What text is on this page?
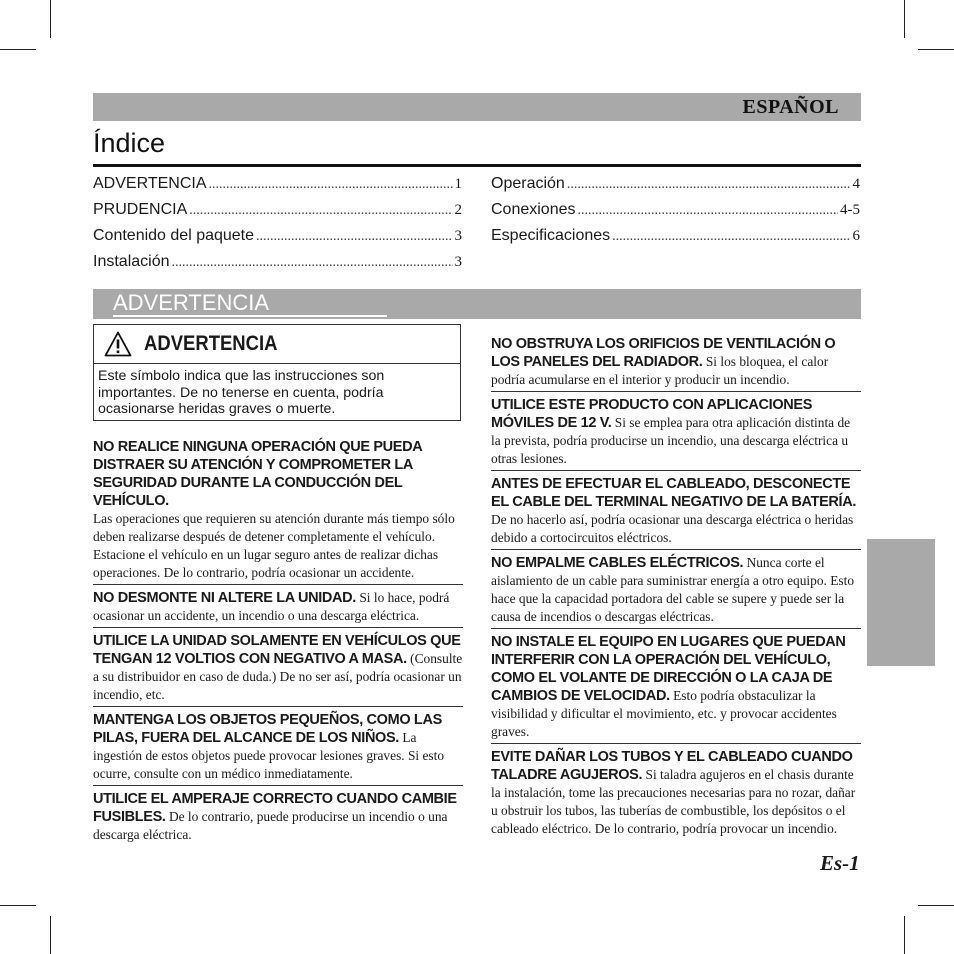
ESPAÑOL
Índice
ADVERTENCIA .....	1
PRUDENCIA .....	2
Contenido del paquete .....	3
Instalación .....	3
Operación .....	4
Conexiones .....	4-5
Especificaciones .....	6
ADVERTENCIA
ADVERTENCIA
Este símbolo indica que las instrucciones son importantes. De no tenerse en cuenta, podría ocasionarse heridas graves o muerte.

NO REALICE NINGUNA OPERACIÓN QUE PUEDA DISTRAER SU ATENCIÓN Y COMPROMETER LA SEGURIDAD DURANTE LA CONDUCCIÓN DEL VEHÍCULO.
Las operaciones que requieren su atención durante más tiempo sólo deben realizarse después de detener completamente el vehículo. Estacione el vehículo en un lugar seguro antes de realizar dichas operaciones. De lo contrario, podría ocasionar un accidente.

NO DESMONTE NI ALTERE LA UNIDAD. Si lo hace, podrá ocasionar un accidente, un incendio o una descarga eléctrica.

UTILICE LA UNIDAD SOLAMENTE EN VEHÍCULOS QUE TENGAN 12 VOLTIOS CON NEGATIVO A MASA. (Consulte a su distribuidor en caso de duda.) De no ser así, podría ocasionar un incendio, etc.

MANTENGA LOS OBJETOS PEQUEÑOS, COMO LAS PILAS, FUERA DEL ALCANCE DE LOS NIÑOS. La ingestión de estos objetos puede provocar lesiones graves. Si esto ocurre, consulte con un médico inmediatamente.

UTILICE EL AMPERAJE CORRECTO CUANDO CAMBIE FUSIBLES. De lo contrario, puede producirse un incendio o una descarga eléctrica.

NO OBSTRUYA LOS ORIFICIOS DE VENTILACIÓN O LOS PANELES DEL RADIADOR. Si los bloquea, el calor podría acumularse en el interior y producir un incendio.

UTILICE ESTE PRODUCTO CON APLICACIONES MÓVILES DE 12 V. Si se emplea para otra aplicación distinta de la prevista, podría producirse un incendio, una descarga eléctrica u otras lesiones.

ANTES DE EFECTUAR EL CABLEADO, DESCONECTE EL CABLE DEL TERMINAL NEGATIVO DE LA BATERÍA. De no hacerlo así, podría ocasionar una descarga eléctrica o heridas debido a cortocircuitos eléctricos.

NO EMPALME CABLES ELÉCTRICOS. Nunca corte el aislamiento de un cable para suministrar energía a otro equipo. Esto hace que la capacidad portadora del cable se supere y puede ser la causa de incendios o descargas eléctricas.

NO INSTALE EL EQUIPO EN LUGARES QUE PUEDAN INTERFERIR CON LA OPERACIÓN DEL VEHÍCULO, COMO EL VOLANTE DE DIRECCIÓN O LA CAJA DE CAMBIOS DE VELOCIDAD. Esto podría obstaculizar la visibilidad y dificultar el movimiento, etc. y provocar accidentes graves.

EVITE DAÑAR LOS TUBOS Y EL CABLEADO CUANDO TALADRE AGUJEROS. Si taladra agujeros en el chasis durante la instalación, tome las precauciones necesarias para no rozar, dañar u obstruir los tubos, las tuberías de combustible, los depósitos o el cableado eléctrico. De lo contrario, podría provocar un incendio.

Es-1
